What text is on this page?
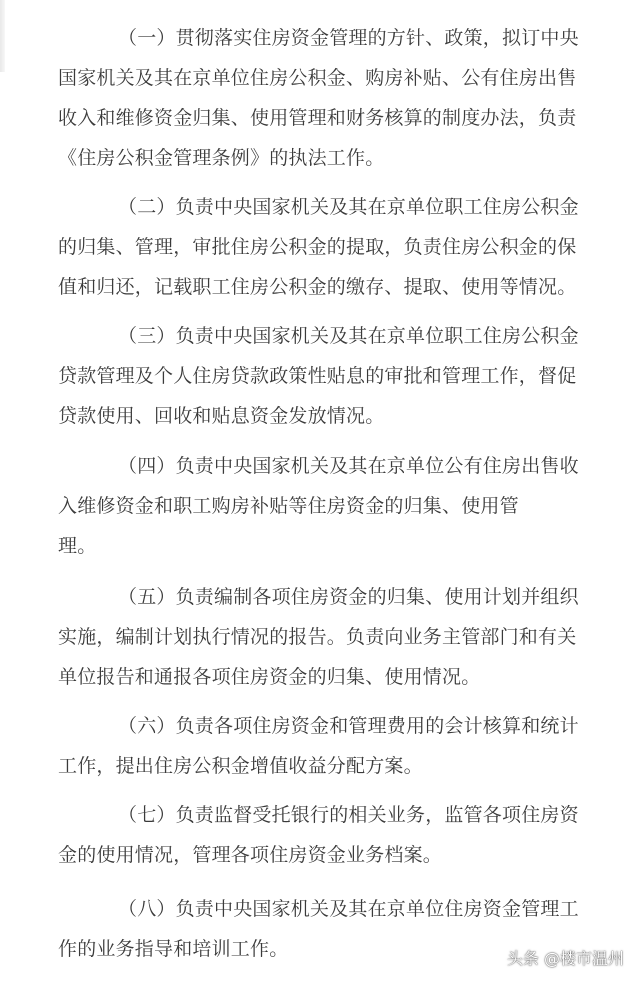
（一）贯彻落实住房资金管理的方针、政策，拟订中央
国家机关及其在京单位住房公积金、购房补贴、公有住房出售
收入和维修资金归集、使用管理和财务核算的制度办法，负责
《住房公积金管理条例》的执法工作。

（二）负责中央国家机关及其在京单位职工住房公积金
的归集、管理，审批住房公积金的提取，负责住房公积金的保
值和归还，记载职工住房公积金的缴存、提取、使用等情况。

（三）负责中央国家机关及其在京单位职工住房公积金
贷款管理及个人住房贷款政策性贴息的审批和管理工作，督促
贷款使用、回收和贴息资金发放情况。

（四）负责中央国家机关及其在京单位公有住房出售收
入维修资金和职工购房补贴等住房资金的归集、使用管
理。

（五）负责编制各项住房资金的归集、使用计划并组织
实施，编制计划执行情况的报告。负责向业务主管部门和有关
单位报告和通报各项住房资金的归集、使用情况。

（六）负责各项住房资金和管理费用的会计核算和统计
工作，提出住房公积金增值收益分配方案。

（七）负责监督受托银行的相关业务，监管各项住房资
金的使用情况，管理各项住房资金业务档案。

（八）负责中央国家机关及其在京单位住房资金管理工
作的业务指导和培训工作。	头条 @楼市温州
